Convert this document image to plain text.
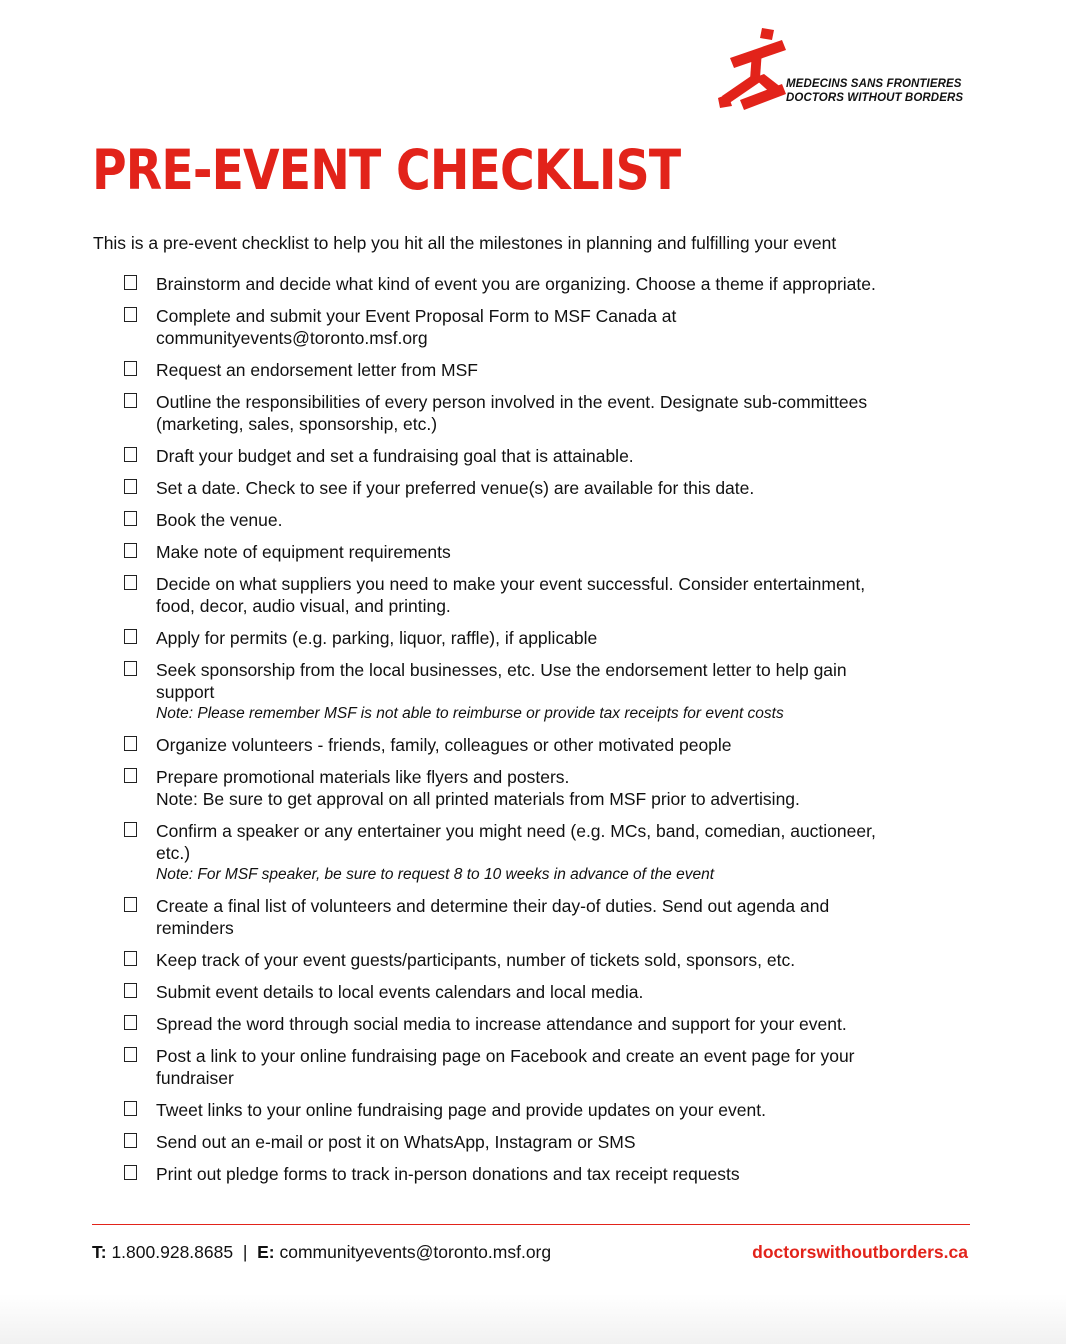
MEDECINS SANS FRONTIERES
DOCTORS WITHOUT BORDERS
PRE-EVENT CHECKLIST
This is a pre-event checklist to help you hit all the milestones in planning and fulfilling your event
Brainstorm and decide what kind of event you are organizing. Choose a theme if appropriate.
Complete and submit your Event Proposal Form to MSF Canada at
communityevents@toronto.msf.org
Request an endorsement letter from MSF
Outline the responsibilities of every person involved in the event. Designate sub-committees
(marketing, sales, sponsorship, etc.)
Draft your budget and set a fundraising goal that is attainable.
Set a date. Check to see if your preferred venue(s) are available for this date.
Book the venue.
Make note of equipment requirements
Decide on what suppliers you need to make your event successful. Consider entertainment,
food, decor, audio visual, and printing.
Apply for permits (e.g. parking, liquor, raffle), if applicable
Seek sponsorship from the local businesses, etc. Use the endorsement letter to help gain
support
Note: Please remember MSF is not able to reimburse or provide tax receipts for event costs
Organize volunteers - friends, family, colleagues or other motivated people
Prepare promotional materials like flyers and posters.
Note: Be sure to get approval on all printed materials from MSF prior to advertising.
Confirm a speaker or any entertainer you might need (e.g. MCs, band, comedian, auctioneer,
etc.)
Note: For MSF speaker, be sure to request 8 to 10 weeks in advance of the event
Create a final list of volunteers and determine their day-of duties. Send out agenda and
reminders
Keep track of your event guests/participants, number of tickets sold, sponsors, etc.
Submit event details to local events calendars and local media.
Spread the word through social media to increase attendance and support for your event.
Post a link to your online fundraising page on Facebook and create an event page for your
fundraiser
Tweet links to your online fundraising page and provide updates on your event.
Send out an e-mail or post it on WhatsApp, Instagram or SMS
Print out pledge forms to track in-person donations and tax receipt requests
T: 1.800.928.8685 | E: communityevents@toronto.msf.org	doctorswithoutborders.ca
